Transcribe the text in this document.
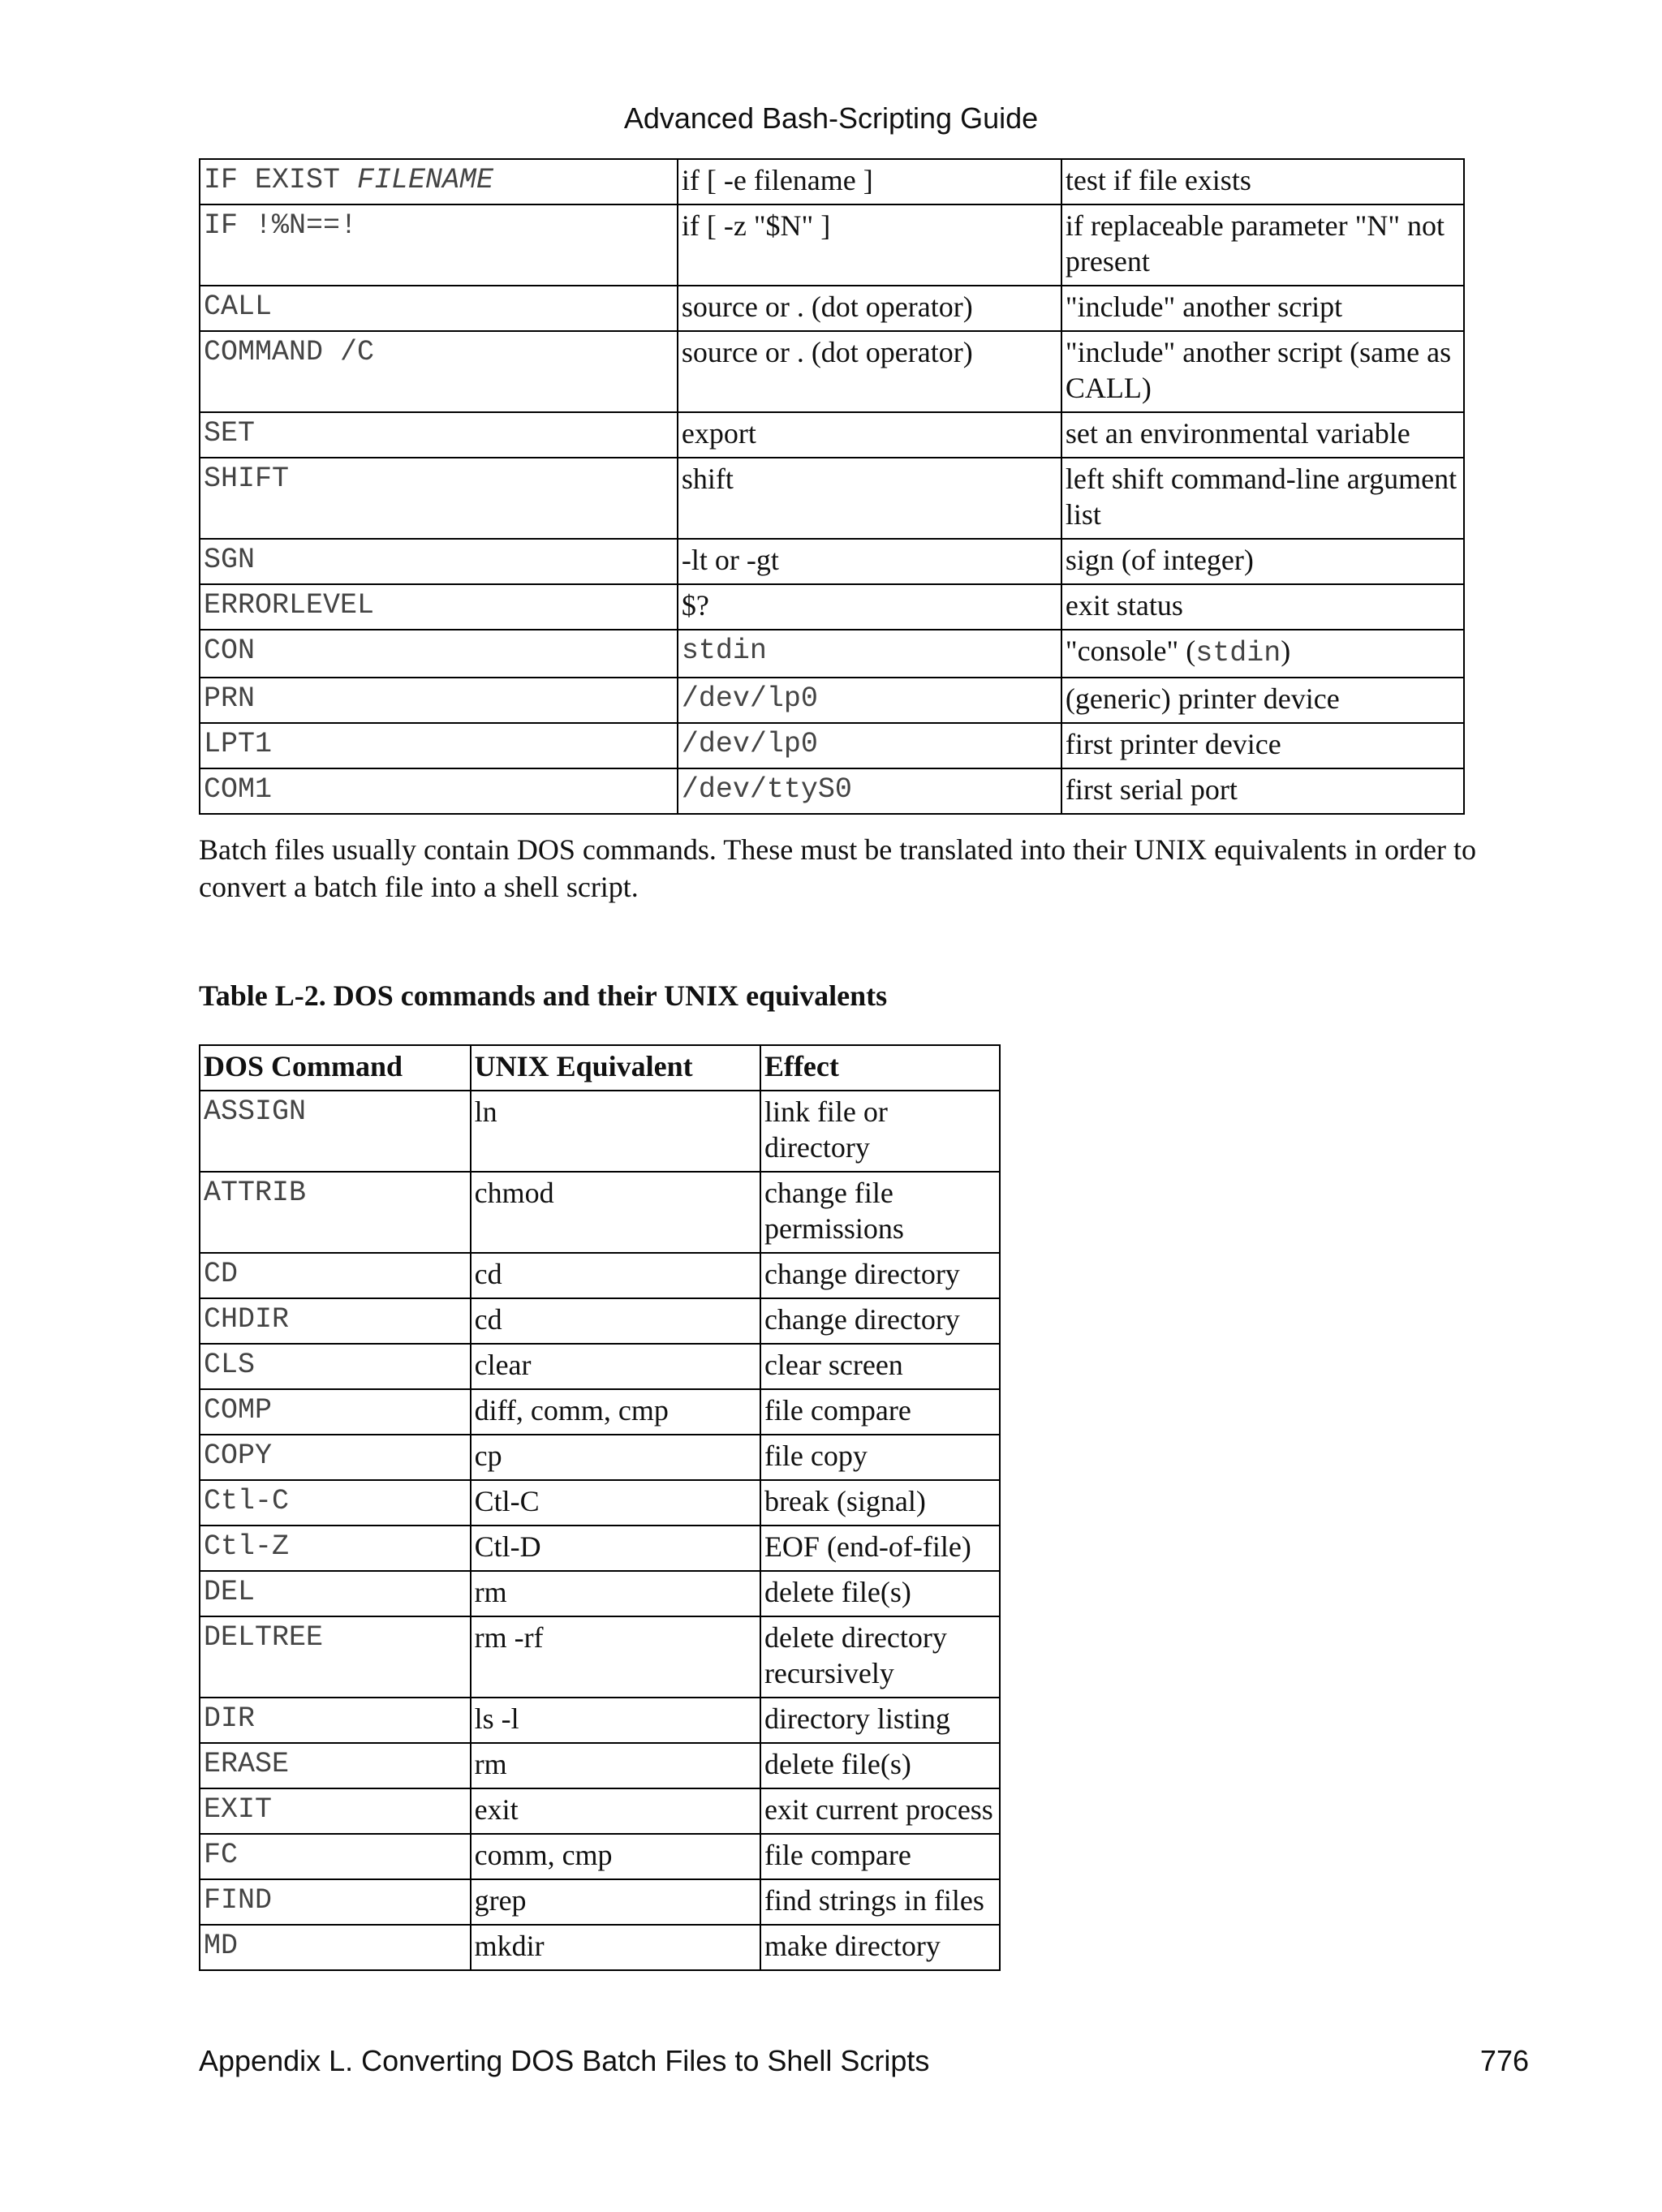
Advanced Bash-Scripting Guide
IF EXIST FILENAME	if [ -e filename ]	test if file exists
IF !%N==!	if [ -z "$N" ]	if replaceable parameter "N" not present
CALL	source or . (dot operator)	"include" another script
COMMAND /C	source or . (dot operator)	"include" another script (same as CALL)
SET	export	set an environmental variable
SHIFT	shift	left shift command-line argument list
SGN	-lt or -gt	sign (of integer)
ERRORLEVEL	$?	exit status
CON	stdin	"console" (stdin)
PRN	/dev/lp0	(generic) printer device
LPT1	/dev/lp0	first printer device
COM1	/dev/ttyS0	first serial port
Batch files usually contain DOS commands. These must be translated into their UNIX equivalents in order to convert a batch file into a shell script.
Table L-2. DOS commands and their UNIX equivalents
DOS Command	UNIX Equivalent	Effect
ASSIGN	ln	link file or directory
ATTRIB	chmod	change file permissions
CD	cd	change directory
CHDIR	cd	change directory
CLS	clear	clear screen
COMP	diff, comm, cmp	file compare
COPY	cp	file copy
Ctl-C	Ctl-C	break (signal)
Ctl-Z	Ctl-D	EOF (end-of-file)
DEL	rm	delete file(s)
DELTREE	rm -rf	delete directory recursively
DIR	ls -l	directory listing
ERASE	rm	delete file(s)
EXIT	exit	exit current process
FC	comm, cmp	file compare
FIND	grep	find strings in files
MD	mkdir	make directory
Appendix L. Converting DOS Batch Files to Shell Scripts	776
